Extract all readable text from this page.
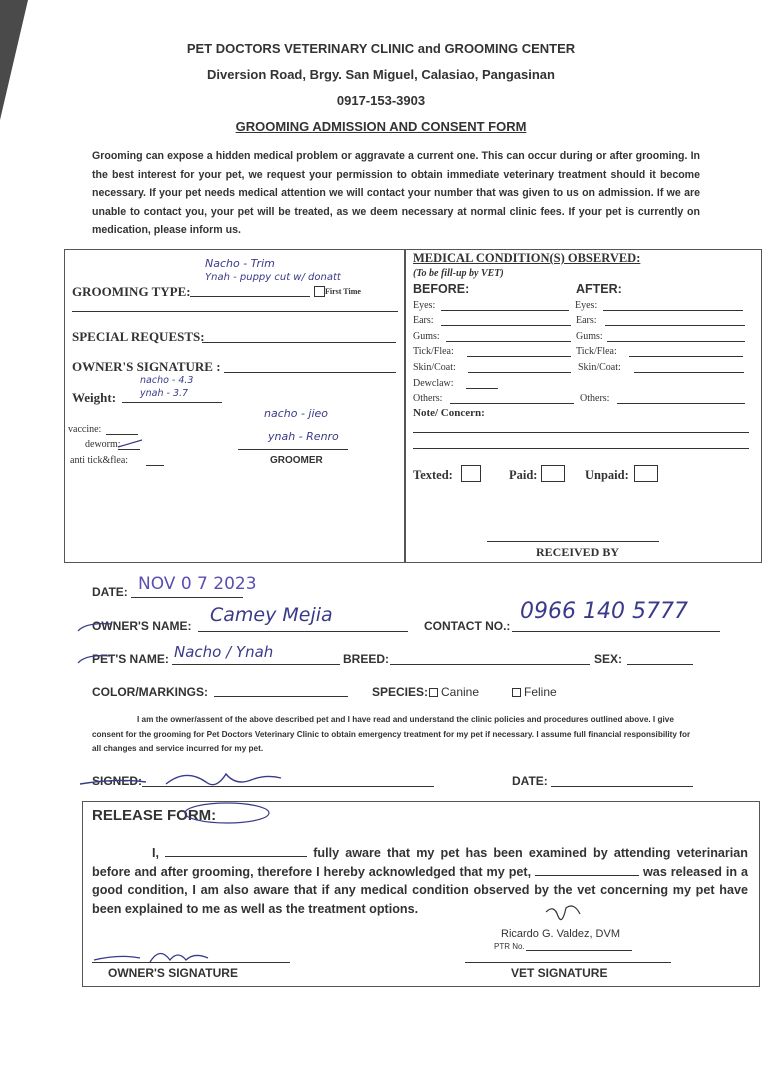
PET DOCTORS VETERINARY CLINIC and GROOMING CENTER
Diversion Road, Brgy. San Miguel, Calasiao, Pangasinan
0917-153-3903
GROOMING ADMISSION AND CONSENT FORM
Grooming can expose a hidden medical problem or aggravate a current one. This can occur during or after grooming. In the best interest for your pet, we request your permission to obtain immediate veterinary treatment should it become necessary. If your pet needs medical attention we will contact your number that was given to us on admission. If we are unable to contact you, your pet will be treated, as we deem necessary at normal clinic fees. If your pet is currently on medication, please inform us.
Nacho - Trim
Ynah - puppy cut w/ donatt
GROOMING TYPE:	First Time
SPECIAL REQUESTS:
OWNER'S SIGNATURE :
nacho - 4.3
ynah - 3.7
Weight:
nacho - jieo
vaccine:
ynah - Renro
deworm:
anti tick&flea:	GROOMER
MEDICAL CONDITION(S) OBSERVED:
(To be fill-up by VET)
BEFORE:	AFTER:
Eyes:	Eyes:
Ears:	Ears:
Gums:	Gums:
Tick/Flea:	Tick/Flea:
Skin/Coat:	Skin/Coat:
Dewclaw:
Others:	Others:
Note/ Concern:
Texted:	Paid:	Unpaid:
RECEIVED BY
NOV 0 7 2023
DATE:
Camey Mejia
OWNER'S NAME:
0966 140 5777
CONTACT NO.:
Nacho / Ynah
PET'S NAME:	BREED:	SEX:
COLOR/MARKINGS:	SPECIES: Canine	Feline
I am the owner/assent of the above described pet and I have read and understand the clinic policies and procedures outlined above. I give consent for the grooming for Pet Doctors Veterinary Clinic to obtain emergency treatment for my pet if necessary. I assume full financial responsibility for all changes and service incurred for my pet.
SIGNED:	DATE:
RELEASE FORM:
I,	fully aware that my pet has been examined by attending veterinarian before and after grooming, therefore I hereby acknowledged that my pet,	was released in a good condition, I am also aware that if any medical condition observed by the vet concerning my pet have been explained to me as well as the treatment options.
Ricardo G. Valdez, DVM
PTR No.
OWNER'S SIGNATURE	VET SIGNATURE
